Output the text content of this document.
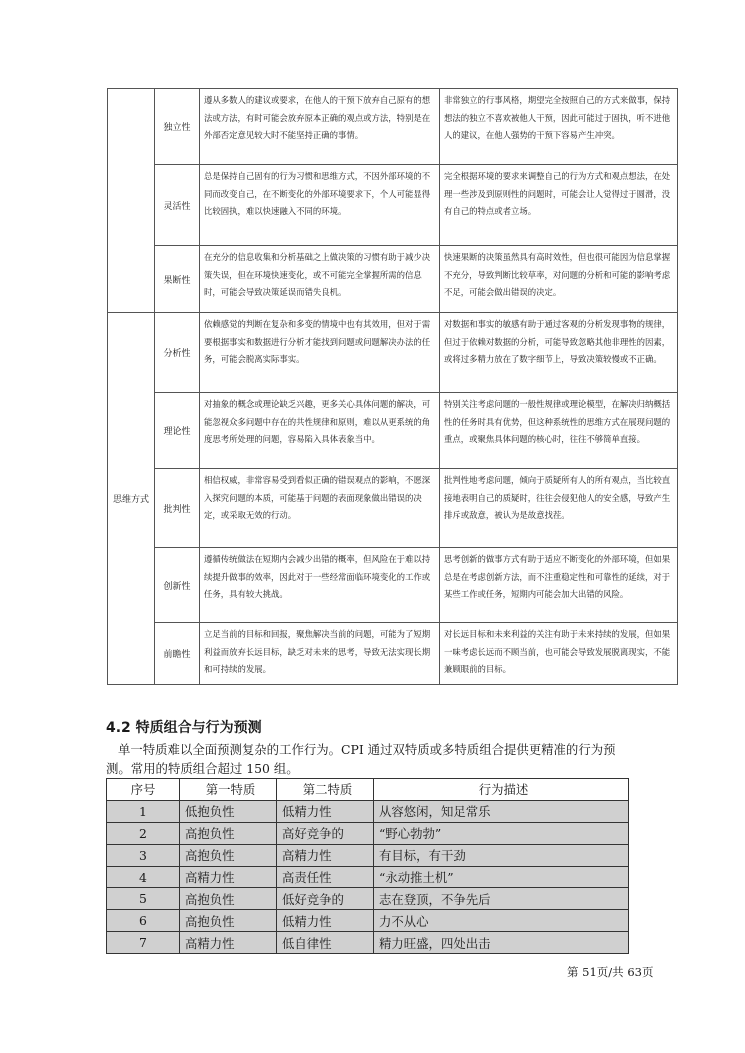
	独立性	遵从多数人的建议或要求，在他人的干预下放弃自己原有的想法或方法，有时可能会放弃原本正确的观点或方法，特别是在外部否定意见较大时不能坚持正确的事情。	非常独立的行事风格，期望完全按照自己的方式来做事，保持想法的独立不喜欢被他人干预，因此可能过于固执，听不进他人的建议，在他人强势的干预下容易产生冲突。
	灵活性	总是保持自己固有的行为习惯和思维方式，不因外部环境的不同而改变自己，在不断变化的外部环境要求下，个人可能显得比较固执，难以快速融入不同的环境。	完全根据环境的要求来调整自己的行为方式和观点想法，在处理一些涉及到原则性的问题时，可能会让人觉得过于圆滑，没有自己的特点或者立场。
	果断性	在充分的信息收集和分析基础之上做决策的习惯有助于减少决策失误，但在环境快速变化，或不可能完全掌握所需的信息时，可能会导致决策延误而错失良机。	快速果断的决策虽然具有高时效性，但也很可能因为信息掌握不充分，导致判断比较草率，对问题的分析和可能的影响考虑不足，可能会做出错误的决定。
思维方式	分析性	依赖感觉的判断在复杂和多变的情境中也有其效用，但对于需要根据事实和数据进行分析才能找到问题或问题解决办法的任务，可能会脱离实际事实。	对数据和事实的敏感有助于通过客观的分析发现事物的规律，但过于依赖对数据的分析，可能导致忽略其他非理性的因素，或将过多精力放在了数字细节上，导致决策较慢或不正确。
	理论性	对抽象的概念或理论缺乏兴趣，更多关心具体问题的解决，可能忽视众多问题中存在的共性规律和原则，难以从更系统的角度思考所处理的问题，容易陷入具体表象当中。	特别关注考虑问题的一般性规律或理论模型，在解决归纳概括性的任务时具有优势，但这种系统性的思维方式在展现问题的重点，或聚焦具体问题的核心时，往往不够简单直接。
	批判性	相信权威，非常容易受到看似正确的错误观点的影响，不愿深入探究问题的本质，可能基于问题的表面现象做出错误的决定，或采取无效的行动。	批判性地考虑问题，倾向于质疑所有人的所有观点，当比较直接地表明自己的质疑时，往往会侵犯他人的安全感，导致产生排斥或敌意，被认为是故意找茬。
	创新性	遵循传统做法在短期内会减少出错的概率，但风险在于难以持续提升做事的效率，因此对于一些经常面临环境变化的工作或任务，具有较大挑战。	思考创新的做事方式有助于适应不断变化的外部环境，但如果总是在考虑创新方法，而不注重稳定性和可靠性的延续，对于某些工作或任务，短期内可能会加大出错的风险。
	前瞻性	立足当前的目标和回报，聚焦解决当前的问题，可能为了短期利益而放弃长远目标，缺乏对未来的思考，导致无法实现长期和可持续的发展。	对长远目标和未来利益的关注有助于未来持续的发展，但如果一味考虑长远而不顾当前，也可能会导致发展脱离现实，不能兼顾眼前的目标。
4.2 特质组合与行为预测
单一特质难以全面预测复杂的工作行为。CPI 通过双特质或多特质组合提供更精准的行为预测。常用的特质组合超过 150 组。
序号	第一特质	第二特质	行为描述
1	低抱负性	低精力性	从容悠闲，知足常乐
2	高抱负性	高好竞争的	“野心勃勃”
3	高抱负性	高精力性	有目标，有干劲
4	高精力性	高责任性	“永动推土机”
5	高抱负性	低好竞争的	志在登顶，不争先后
6	高抱负性	低精力性	力不从心
7	高精力性	低自律性	精力旺盛，四处出击
第 51页/共 63页
